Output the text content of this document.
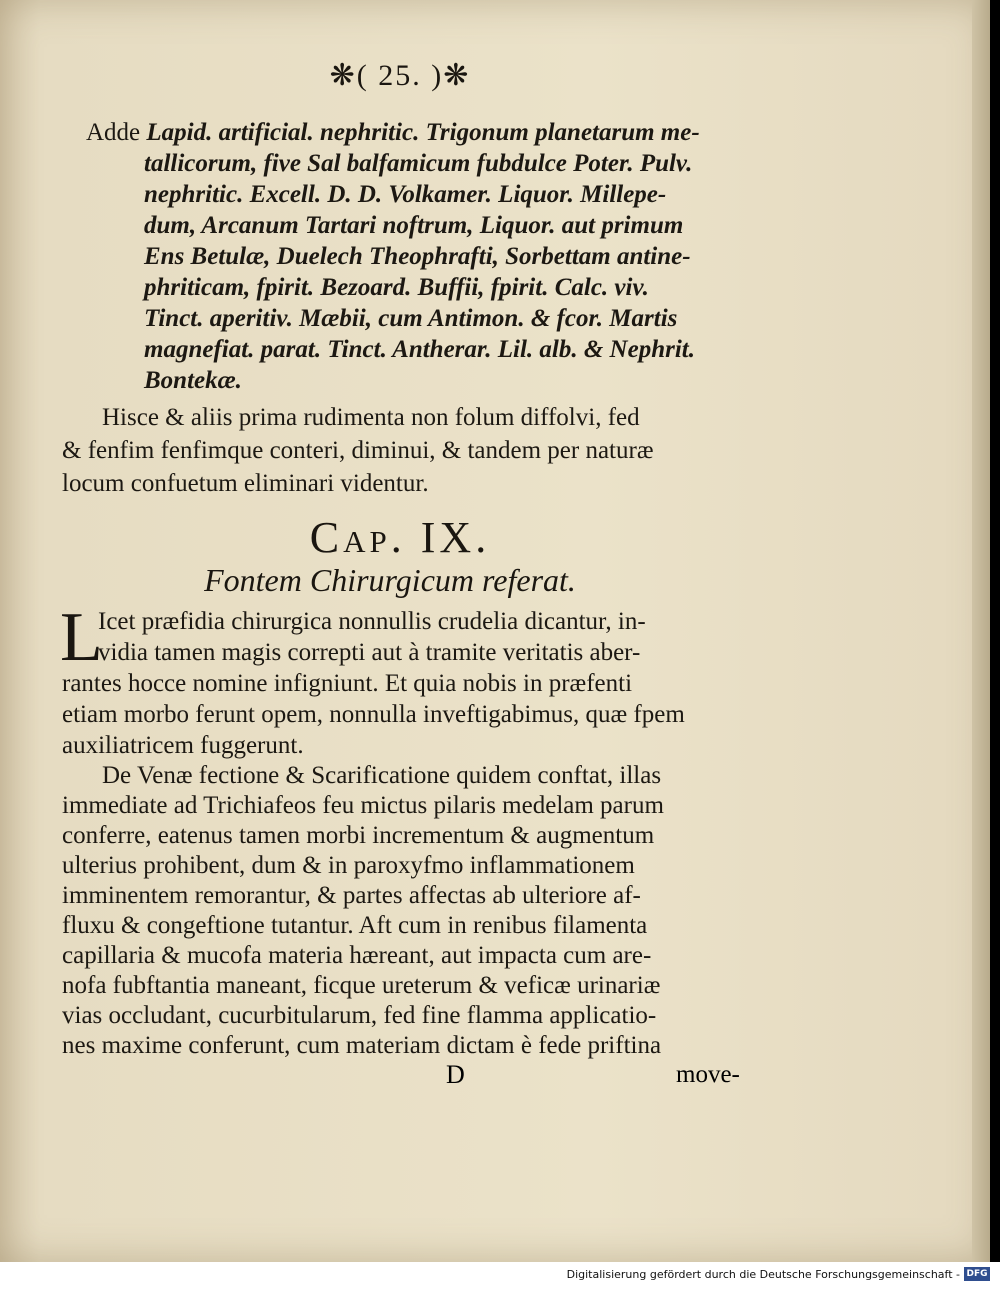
❋( 25. )❋
Adde Lapid. artificial. nephritic. Trigonum planetarum me-
tallicorum, five Sal balfamicum fubdulce Poter. Pulv.
nephritic. Excell. D. D. Volkamer. Liquor. Millepe-
dum, Arcanum Tartari noftrum, Liquor. aut primum
Ens Betulæ, Duelech Theophrafti, Sorbettam antine-
phriticam, fpirit. Bezoard. Buffii, fpirit. Calc. viv.
Tinct. aperitiv. Mæbii, cum Antimon. & fcor. Martis
magnefiat. parat. Tinct. Antherar. Lil. alb. & Nephrit.
Bontekæ.
Hisce & aliis prima rudimenta non folum diffolvi, fed
& fenfim fenfimque conteri, diminui, & tandem per naturæ
locum confuetum eliminari videntur.
Cap. IX.
Fontem Chirurgicum referat.
L
Icet præfidia chirurgica nonnullis crudelia dicantur, in-
vidia tamen magis correpti aut à tramite veritatis aber-
rantes hocce nomine infigniunt. Et quia nobis in præfenti
etiam morbo ferunt opem, nonnulla inveftigabimus, quæ fpem
auxiliatricem fuggerunt.
De Venæ fectione & Scarificatione quidem conftat, illas
immediate ad Trichiafeos feu mictus pilaris medelam parum
conferre, eatenus tamen morbi incrementum & augmentum
ulterius prohibent, dum & in paroxyfmo inflammationem
imminentem remorantur, & partes affectas ab ulteriore af-
fluxu & congeftione tutantur. Aft cum in renibus filamenta
capillaria & mucofa materia hæreant, aut impacta cum are-
nofa fubftantia maneant, ficque ureterum & veficæ urinariæ
vias occludant, cucurbitularum, fed fine flamma applicatio-
nes maxime conferunt, cum materiam dictam è fede priftina
D	move-
Digitalisierung gefördert durch die Deutsche Forschungsgemeinschaft - DFG
